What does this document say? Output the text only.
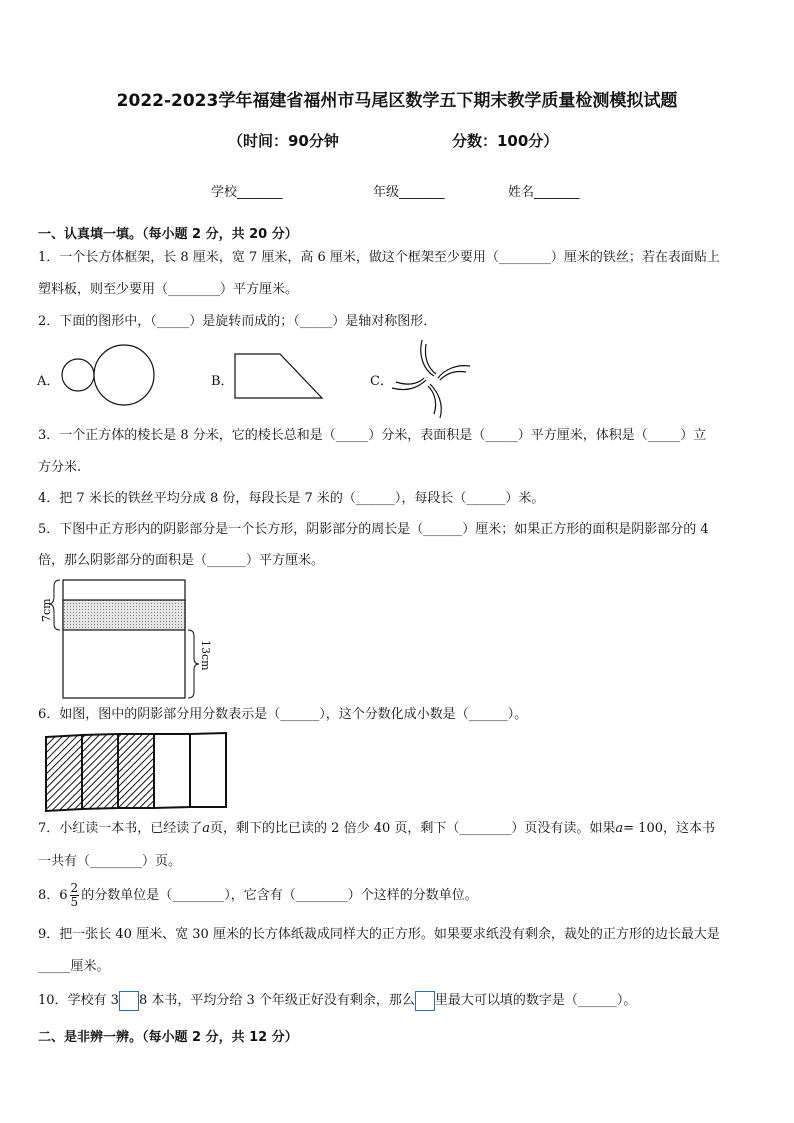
2022-2023学年福建省福州市马尾区数学五下期末教学质量检测模拟试题
（时间：90分钟	分数：100分）
学校_______	年级_______	姓名_______
一、认真填一填。（每小题 2 分，共 20 分）
1．一个长方体框架，长 8 厘米，宽 7 厘米，高 6 厘米，做这个框架至少要用（________）厘米的铁丝；若在表面贴上
塑料板，则至少要用（________）平方厘米。
2．下面的图形中，（_____）是旋转而成的；（_____）是轴对称图形．
A．	B．	C．
3．一个正方体的棱长是 8 分米，它的棱长总和是（_____）分米，表面积是（_____）平方厘米，体积是（_____）立
方分米.
4．把 7 米长的铁丝平均分成 8 份，每段长是 7 米的（______），每段长（______）米。
5．下图中正方形内的阴影部分是一个长方形，阴影部分的周长是（______）厘米；如果正方形的面积是阴影部分的 4
倍，那么阴影部分的面积是（______）平方厘米。
7cm
13cm
6．如图，图中的阴影部分用分数表示是（______），这个分数化成小数是（______）。
7．小红读一本书，已经读了a页，剩下的比已读的 2 倍少 40 页，剩下（________）页没有读。如果a= 100，这本书
一共有（________）页。
8．$6 \frac{2}{5}$ 的分数单位是（________），它含有（________）个这样的分数单位。
9．把一张长 40 厘米、宽 30 厘米的长方体纸裁成同样大的正方形。如果要求纸没有剩余，裁处的正方形的边长最大是
_____厘米。
10．学校有 3 8 本书，平均分给 3 个年级正好没有剩余，那么 里最大可以填的数字是（______）。
二、是非辨一辨。（每小题 2 分，共 12 分）
